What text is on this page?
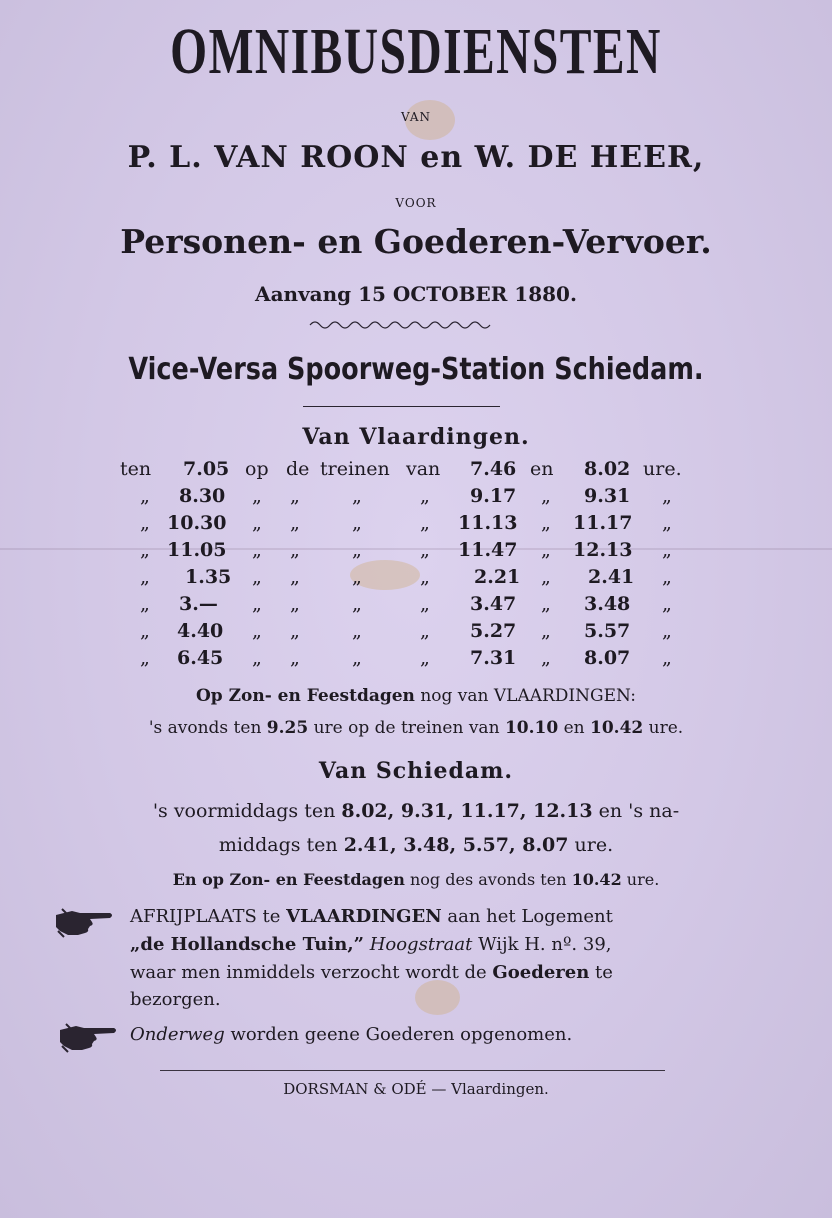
OMNIBUSDIENSTEN
VAN
P. L. VAN ROON en W. DE HEER,
VOOR
Personen- en Goederen-Vervoer.
Aanvang 15 OCTOBER 1880.
Vice-Versa Spoorweg-Station Schiedam.
Van Vlaardingen.
ten 7.05 op de treinen van 7.46 en 8.02 ure.
„ 8.30 „ „	„	„ 9.17 „ 9.31 „
„ 10.30 „ „	„	„ 11.13 „ 11.17 „
„ 11.05 „ „	„	„ 11.47 „ 12.13 „
„ 1.35 „ „	„	„ 2.21 „ 2.41 „
„ 3.— „ „	„	„ 3.47 „ 3.48 „
„ 4.40 „ „	„	„ 5.27 „ 5.57 „
„ 6.45 „ „	„	„ 7.31 „ 8.07 „
Op Zon- en Feestdagen nog van VLAARDINGEN:
's avonds ten 9.25 ure op de treinen van 10.10 en 10.42 ure.
Van Schiedam.
's voormiddags ten 8.02, 9.31, 11.17, 12.13 en 's na-
middags ten 2.41, 3.48, 5.57, 8.07 ure.
En op Zon- en Feestdagen nog des avonds ten 10.42 ure.
AFRIJPLAATS te VLAARDINGEN aan het Logement
„de Hollandsche Tuin,” Hoogstraat Wijk H. nº. 39,
waar men inmiddels verzocht wordt de Goederen te
bezorgen.
Onderweg worden geene Goederen opgenomen.
DORSMAN & ODÉ — Vlaardingen.
